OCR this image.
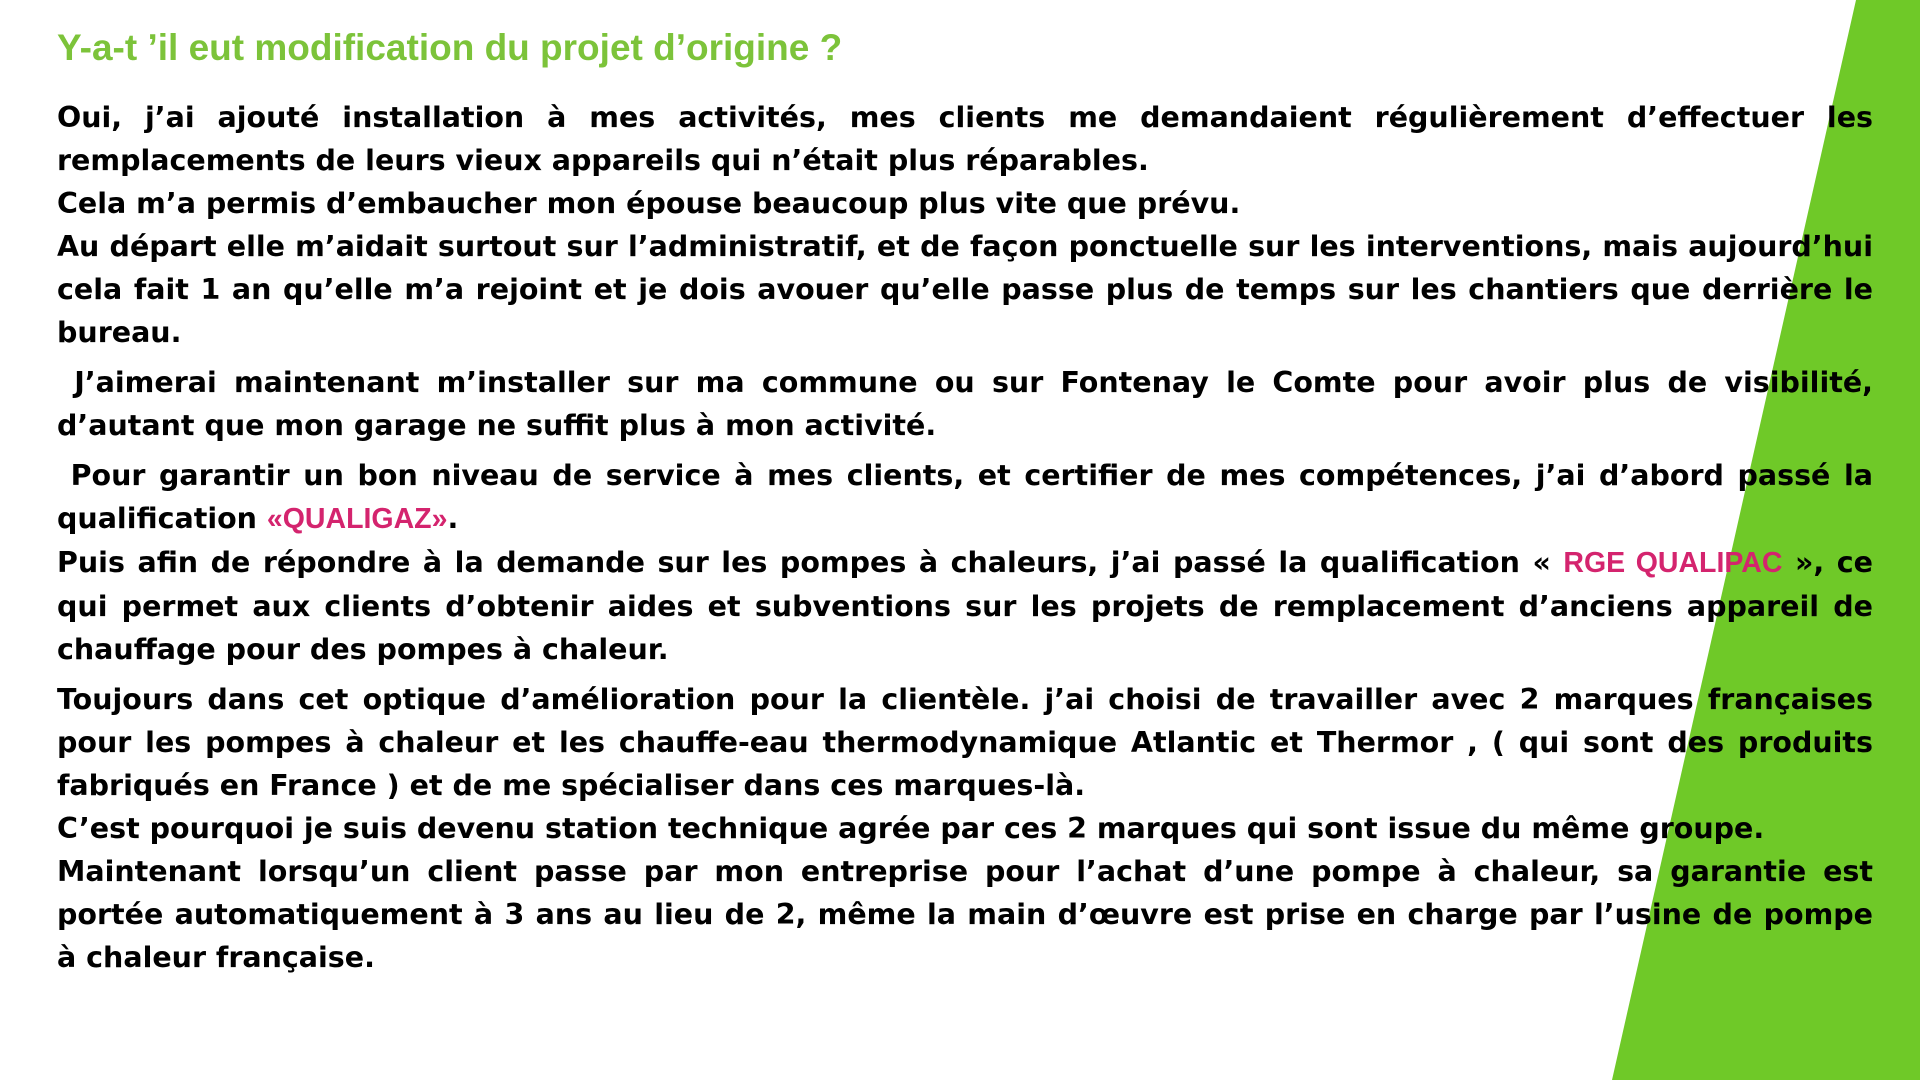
Y-a-t ’il eut modification du projet d’origine ?

Oui, j’ai ajouté installation à mes activités, mes clients me demandaient régulièrement d’effectuer les remplacements de leurs vieux appareils qui n’était plus réparables.

Cela m’a permis d’embaucher mon épouse beaucoup plus vite que prévu.

Au départ elle m’aidait surtout sur l’administratif, et de façon ponctuelle sur les interventions, mais aujourd’hui cela fait 1 an qu’elle m’a rejoint et je dois avouer qu’elle passe plus de temps sur les chantiers que derrière le bureau.

J’aimerai maintenant m’installer sur ma commune ou sur Fontenay le Comte pour avoir plus de visibilité, d’autant que mon garage ne suffit plus à mon activité.

Pour garantir un bon niveau de service à mes clients, et certifier de mes compétences, j’ai d’abord passé la qualification «QUALIGAZ».

Puis afin de répondre à la demande sur les pompes à chaleurs, j’ai passé la qualification « RGE QUALIPAC », ce qui permet aux clients d’obtenir aides et subventions sur les projets de remplacement d’anciens appareil de chauffage pour des pompes à chaleur.

Toujours dans cet optique d’amélioration pour la clientèle. j’ai choisi de travailler avec 2 marques françaises pour les pompes à chaleur et les chauffe-eau thermodynamique Atlantic et Thermor , ( qui sont des produits fabriqués en France ) et de me spécialiser dans ces marques-là.

C’est pourquoi je suis devenu station technique agrée par ces 2 marques qui sont issue du même groupe.

Maintenant lorsqu’un client passe par mon entreprise pour l’achat d’une pompe à chaleur, sa garantie est portée automatiquement à 3 ans au lieu de 2, même la main d’œuvre est prise en charge par l’usine de pompe à chaleur française.
